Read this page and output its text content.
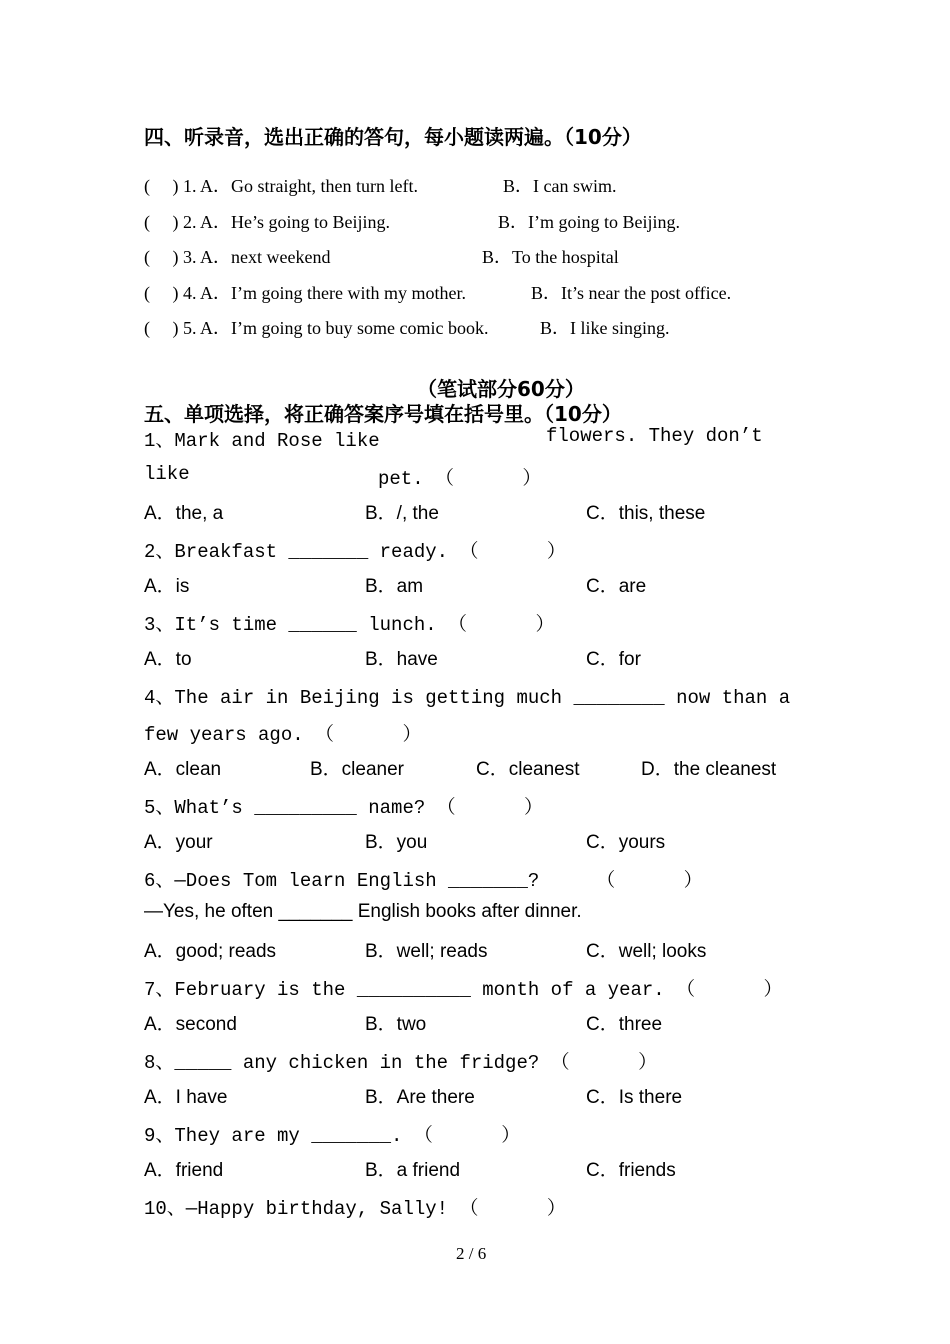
四、听录音，选出正确的答句，每小题读两遍。（10分）
(     ) 1. A．Go straight, then turn left.	B．I can swim.
(     ) 2. A．He’s going to Beijing.	B．I’m going to Beijing.
(     ) 3. A．next weekend	B．To the hospital
(     ) 4. A．I’m going there with my mother.	B．It’s near the post office.
(     ) 5. A．I’m going to buy some comic book.	B．I like singing.
（笔试部分60分）
五、单项选择，将正确答案序号填在括号里。（10分）
1、Mark and Rose like	flowers. They don’t
like	pet. （      ）
A．the, a	B．/, the	C．this, these
2、Breakfast _______ ready. （      ）
A．is	B．am	C．are
3、It’s time ______ lunch. （      ）
A．to	B．have	C．for
4、The air in Beijing is getting much ________ now than a
few years ago. （      ）
A．clean	B．cleaner	C．cleanest	D．the cleanest
5、What’s _________ name? （      ）
A．your	B．you	C．yours
6、—Does Tom learn English _______?     （      ）
—Yes, he often _______ English books after dinner.
A．good; reads	B．well; reads	C．well; looks
7、February is the __________ month of a year. （      ）
A．second	B．two	C．three
8、_____ any chicken in the fridge? （      ）
A．I have	B．Are there	C．Is there
9、They are my _______. （      ）
A．friend	B．a friend	C．friends
10、—Happy birthday, Sally! （      ）
2 / 6
